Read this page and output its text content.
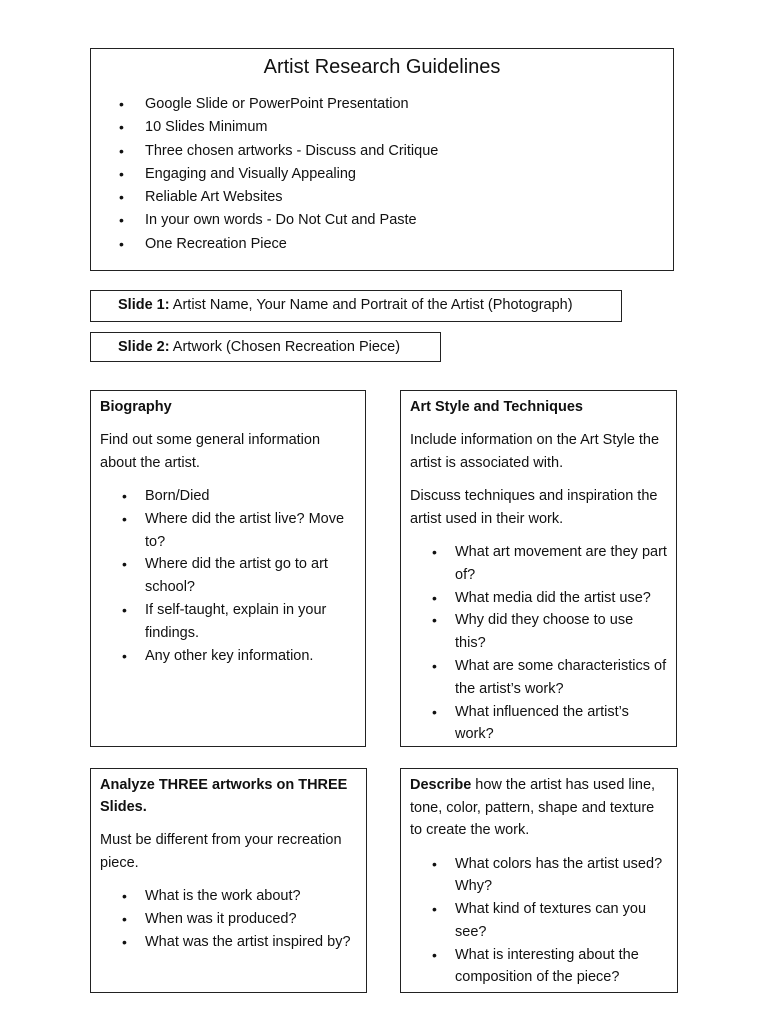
Artist Research Guidelines
• Google Slide or PowerPoint Presentation
• 10 Slides Minimum
• Three chosen artworks - Discuss and Critique
• Engaging and Visually Appealing
• Reliable Art Websites
• In your own words - Do Not Cut and Paste
• One Recreation Piece
Slide 1: Artist Name, Your Name and Portrait of the Artist (Photograph)
Slide 2: Artwork (Chosen Recreation Piece)
Biography

Find out some general information about the artist.

• Born/Died
• Where did the artist live? Move to?
• Where did the artist go to art school?
• If self-taught, explain in your findings.
• Any other key information.
Art Style and Techniques

Include information on the Art Style the artist is associated with.

Discuss techniques and inspiration the artist used in their work.

• What art movement are they part of?
• What media did the artist use?
• Why did they choose to use this?
• What are some characteristics of the artist’s work?
• What influenced the artist’s work?
Analyze THREE artworks on THREE Slides.

Must be different from your recreation piece.

• What is the work about?
• When was it produced?
• What was the artist inspired by?

Describe how the artist has used line, tone, color, pattern, shape and texture to create the work.

• What colors has the artist used? Why?
• What kind of textures can you see?
• What is interesting about the composition of the piece?
